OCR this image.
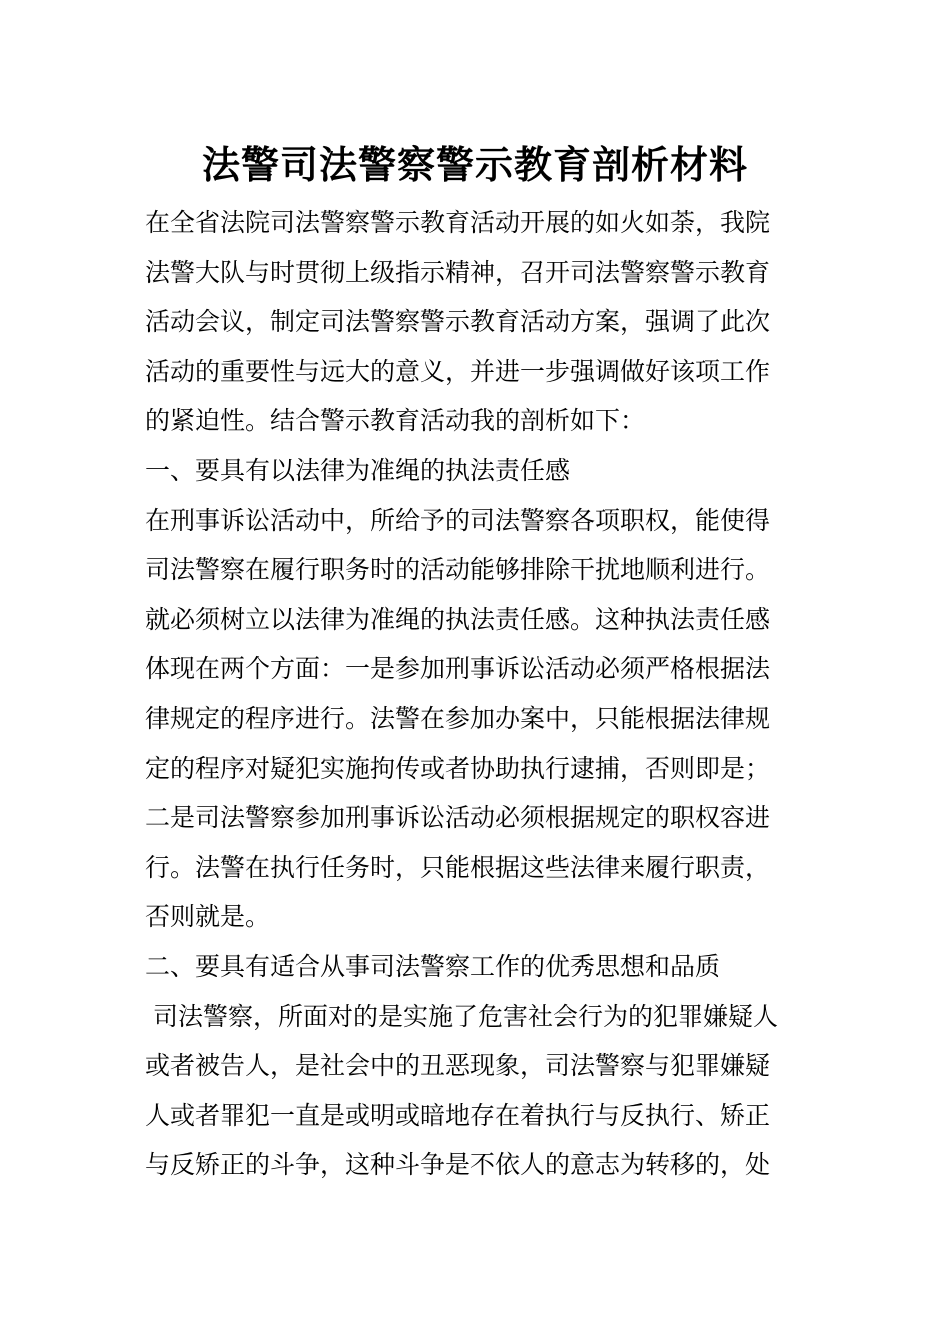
法警司法警察警示教育剖析材料
在全省法院司法警察警示教育活动开展的如火如荼，我院
法警大队与时贯彻上级指示精神，召开司法警察警示教育
活动会议，制定司法警察警示教育活动方案，强调了此次
活动的重要性与远大的意义，并进一步强调做好该项工作
的紧迫性。结合警示教育活动我的剖析如下：
一、要具有以法律为准绳的执法责任感
在刑事诉讼活动中，所给予的司法警察各项职权，能使得
司法警察在履行职务时的活动能够排除干扰地顺利进行。
就必须树立以法律为准绳的执法责任感。这种执法责任感
体现在两个方面：一是参加刑事诉讼活动必须严格根据法
律规定的程序进行。法警在参加办案中，只能根据法律规
定的程序对疑犯实施拘传或者协助执行逮捕，否则即是；
二是司法警察参加刑事诉讼活动必须根据规定的职权容进
行。法警在执行任务时，只能根据这些法律来履行职责，
否则就是。
二、要具有适合从事司法警察工作的优秀思想和品质
司法警察，所面对的是实施了危害社会行为的犯罪嫌疑人
或者被告人，是社会中的丑恶现象，司法警察与犯罪嫌疑
人或者罪犯一直是或明或暗地存在着执行与反执行、矫正
与反矫正的斗争，这种斗争是不依人的意志为转移的，处
